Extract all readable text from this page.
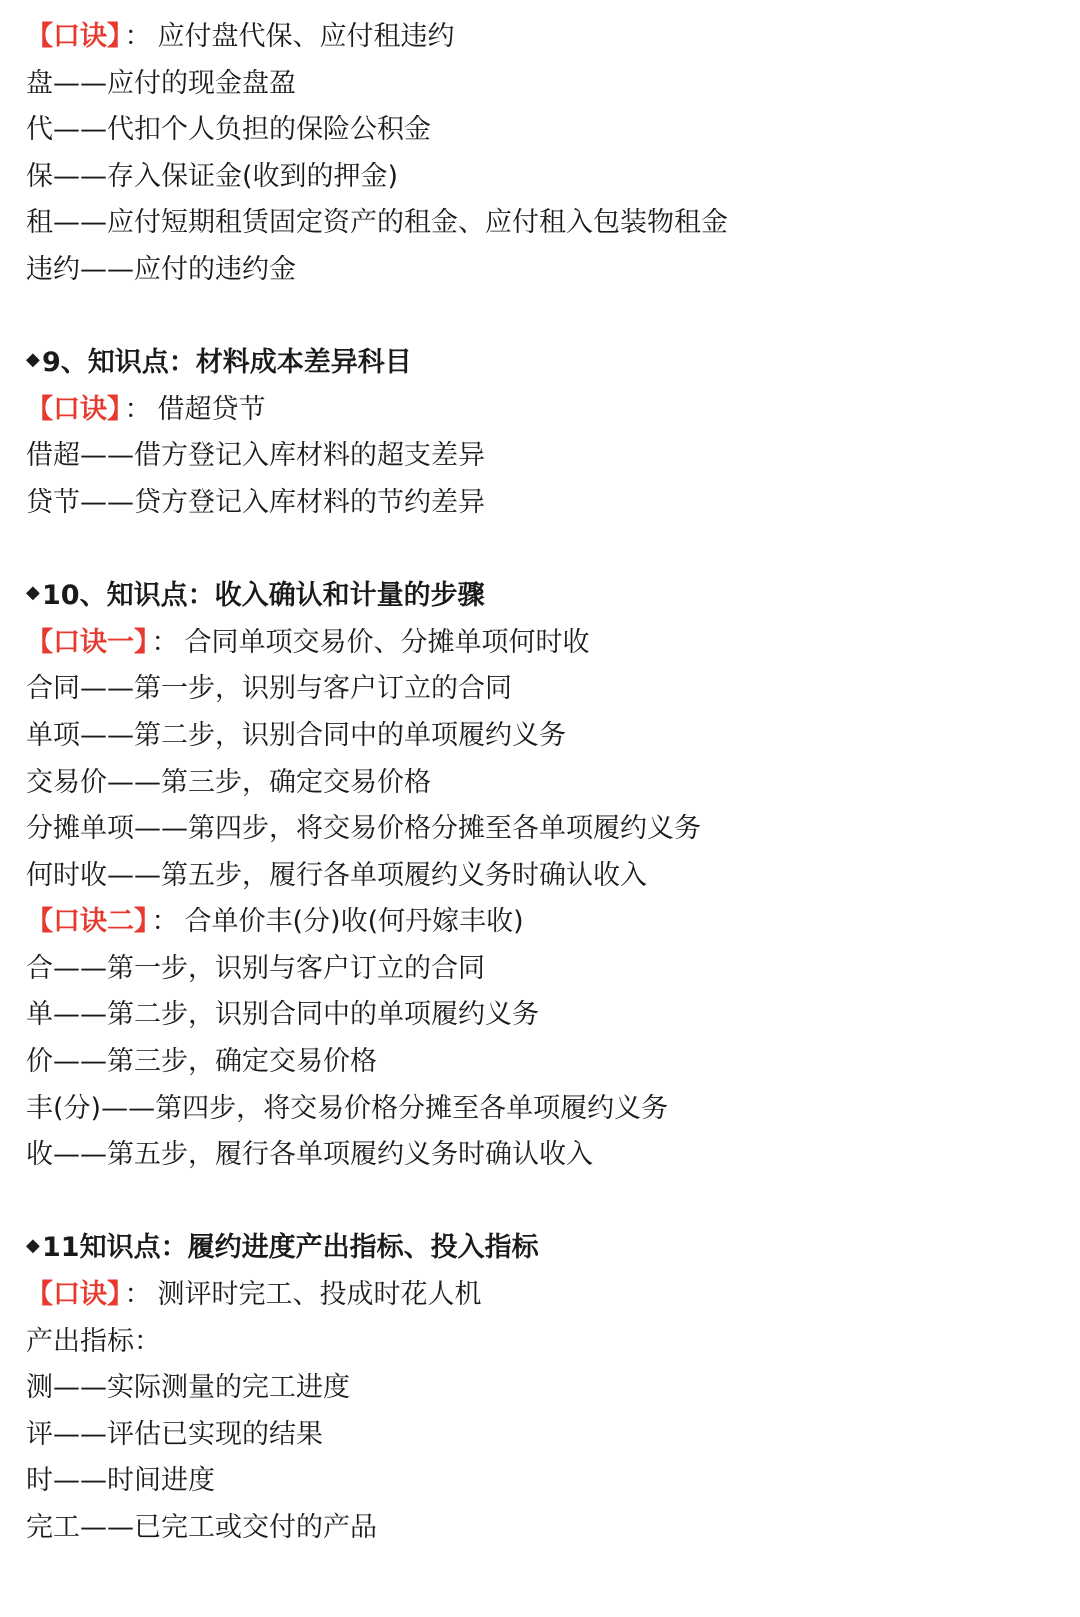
【口诀】 ： 应付盘代保、应付租违约
盘——应付的现金盘盈
代——代扣个人负担的保险公积金
保——存入保证金(收到的押金)
租——应付短期租赁固定资产的租金、应付租入包装物租金
违约——应付的违约金
◆9、知识点：材料成本差异科目
【口诀】 ： 借超贷节
借超——借方登记入库材料的超支差异
贷节——贷方登记入库材料的节约差异
◆10、知识点：收入确认和计量的步骤
【口诀一】 ： 合同单项交易价、分摊单项何时收
合同——第一步，识别与客户订立的合同
单项——第二步，识别合同中的单项履约义务
交易价——第三步，确定交易价格
分摊单项——第四步，将交易价格分摊至各单项履约义务
何时收——第五步，履行各单项履约义务时确认收入
【口诀二】 ： 合单价丰(分)收(何丹嫁丰收)
合——第一步，识别与客户订立的合同
单——第二步，识别合同中的单项履约义务
价——第三步，确定交易价格
丰(分)——第四步，将交易价格分摊至各单项履约义务
收——第五步，履行各单项履约义务时确认收入
◆11知识点：履约进度产出指标、投入指标
【口诀】 ： 测评时完工、投成时花人机
产出指标：
测——实际测量的完工进度
评——评估已实现的结果
时——时间进度
完工——已完工或交付的产品
